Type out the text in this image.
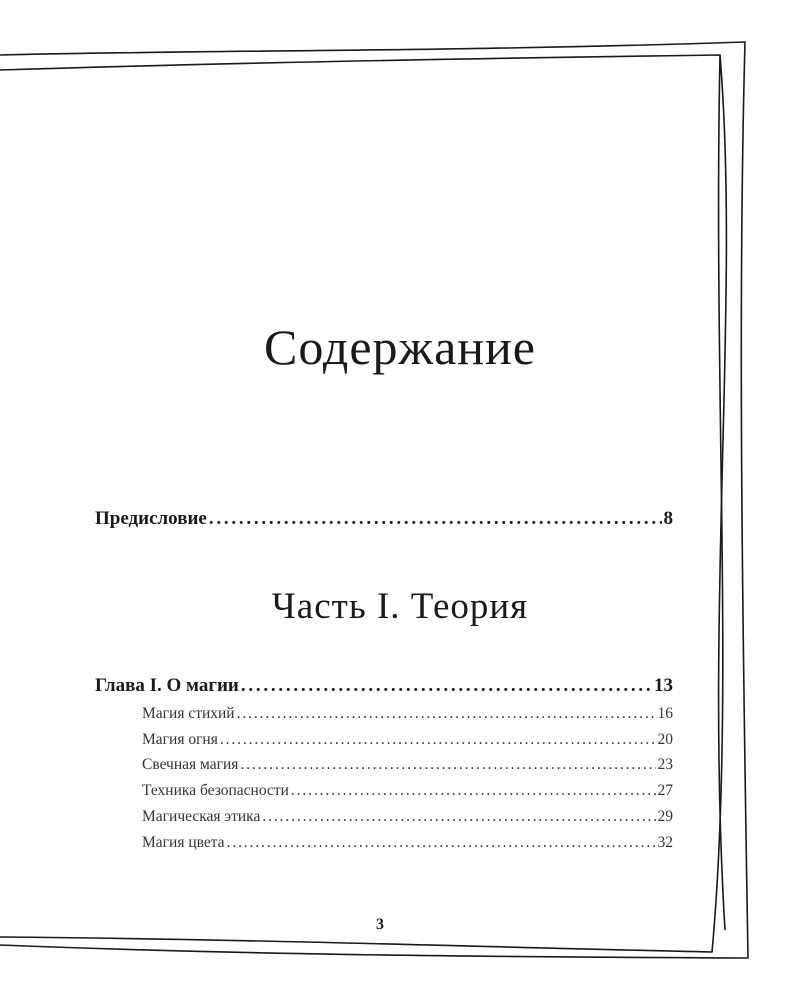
Содержание
Предисловие . . .	8
Часть I. Теория
Глава I. О магии . . .	13
Магия стихий . . .	16
Магия огня . . .	20
Свечная магия . . .	23
Техника безопасности . . .	27
Магическая этика . . .	29
Магия цвета . . .	32
3
